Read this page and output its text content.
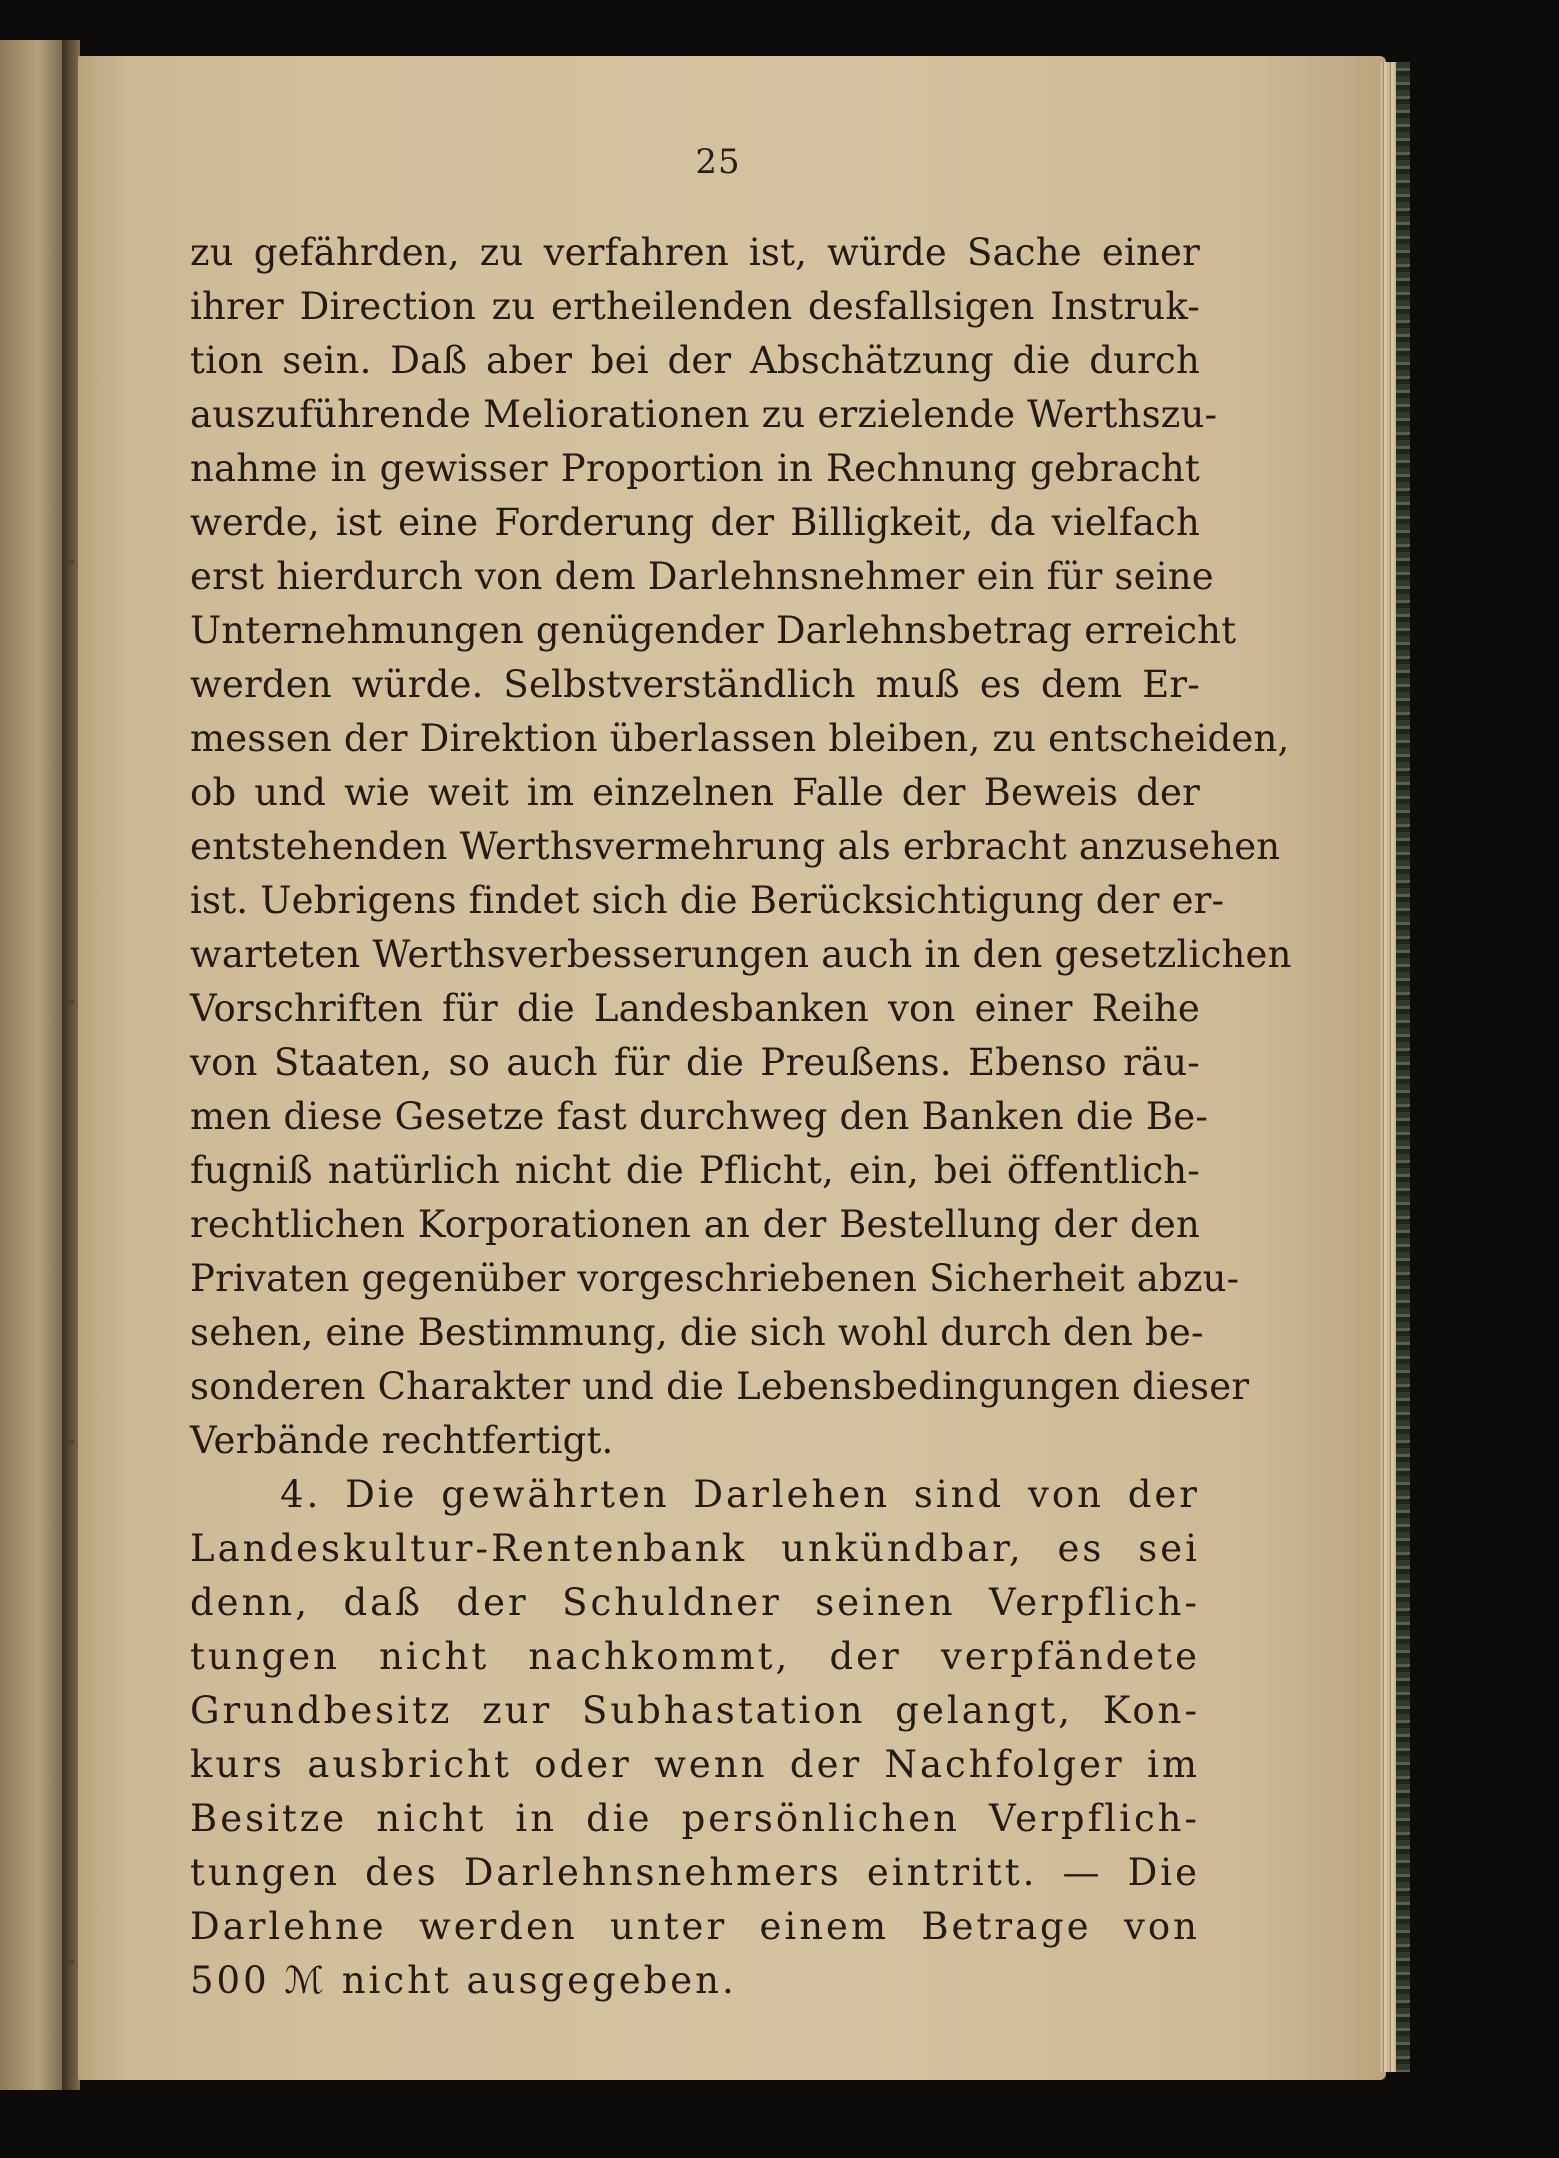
25
zu gefährden, zu verfahren ist, würde Sache einer
ihrer Direction zu ertheilenden desfallsigen Instruk-
tion sein. Daß aber bei der Abschätzung die durch
auszuführende Meliorationen zu erzielende Werthszu-
nahme in gewisser Proportion in Rechnung gebracht
werde, ist eine Forderung der Billigkeit, da vielfach
erst hierdurch von dem Darlehnsnehmer ein für seine
Unternehmungen genügender Darlehnsbetrag erreicht
werden würde. Selbstverständlich muß es dem Er-
messen der Direktion überlassen bleiben, zu entscheiden,
ob und wie weit im einzelnen Falle der Beweis der
entstehenden Werthsvermehrung als erbracht anzusehen
ist. Uebrigens findet sich die Berücksichtigung der er-
warteten Werthsverbesserungen auch in den gesetzlichen
Vorschriften für die Landesbanken von einer Reihe
von Staaten, so auch für die Preußens. Ebenso räu-
men diese Gesetze fast durchweg den Banken die Be-
fugniß natürlich nicht die Pflicht, ein, bei öffentlich-
rechtlichen Korporationen an der Bestellung der den
Privaten gegenüber vorgeschriebenen Sicherheit abzu-
sehen, eine Bestimmung, die sich wohl durch den be-
sonderen Charakter und die Lebensbedingungen dieser
Verbände rechtfertigt.
4. Die gewährten Darlehen sind von der
Landeskultur-Rentenbank unkündbar, es sei
denn, daß der Schuldner seinen Verpflich-
tungen nicht nachkommt, der verpfändete
Grundbesitz zur Subhastation gelangt, Kon-
kurs ausbricht oder wenn der Nachfolger im
Besitze nicht in die persönlichen Verpflich-
tungen des Darlehnsnehmers eintritt. — Die
Darlehne werden unter einem Betrage von
500 ℳ nicht ausgegeben.
